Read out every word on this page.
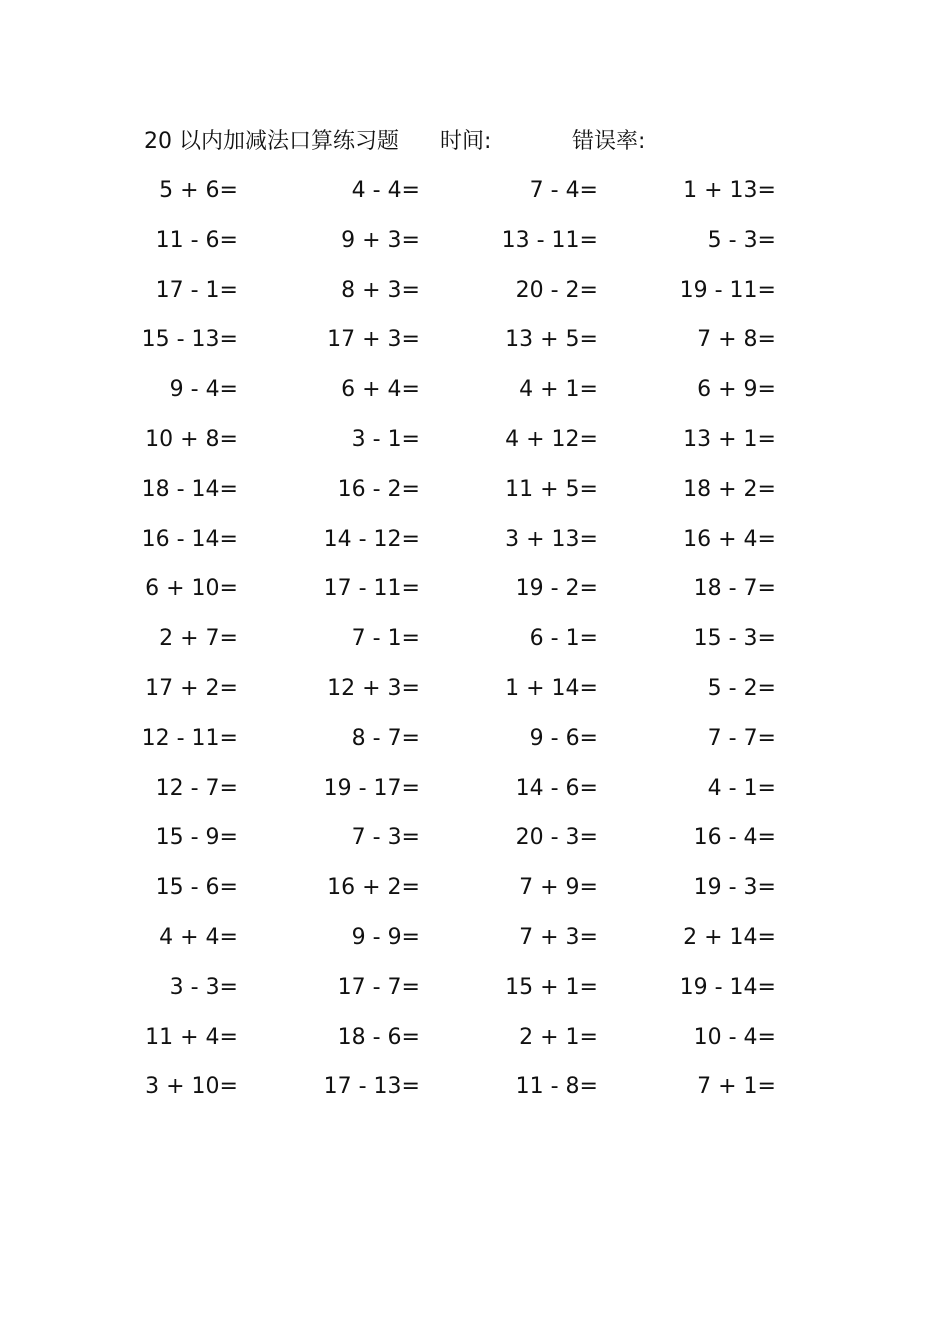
20 以内加减法口算练习题 时间:	错误率:
5 + 6=	4 - 4=	7 - 4=	1 + 13=
11 - 6=	9 + 3=	13 - 11=	5 - 3=
17 - 1=	8 + 3=	20 - 2=	19 - 11=
15 - 13=	17 + 3=	13 + 5=	7 + 8=
9 - 4=	6 + 4=	4 + 1=	6 + 9=
10 + 8=	3 - 1=	4 + 12=	13 + 1=
18 - 14=	16 - 2=	11 + 5=	18 + 2=
16 - 14=	14 - 12=	3 + 13=	16 + 4=
6 + 10=	17 - 11=	19 - 2=	18 - 7=
2 + 7=	7 - 1=	6 - 1=	15 - 3=
17 + 2=	12 + 3=	1 + 14=	5 - 2=
12 - 11=	8 - 7=	9 - 6=	7 - 7=
12 - 7=	19 - 17=	14 - 6=	4 - 1=
15 - 9=	7 - 3=	20 - 3=	16 - 4=
15 - 6=	16 + 2=	7 + 9=	19 - 3=
4 + 4=	9 - 9=	7 + 3=	2 + 14=
3 - 3=	17 - 7=	15 + 1=	19 - 14=
11 + 4=	18 - 6=	2 + 1=	10 - 4=
3 + 10=	17 - 13=	11 - 8=	7 + 1=
